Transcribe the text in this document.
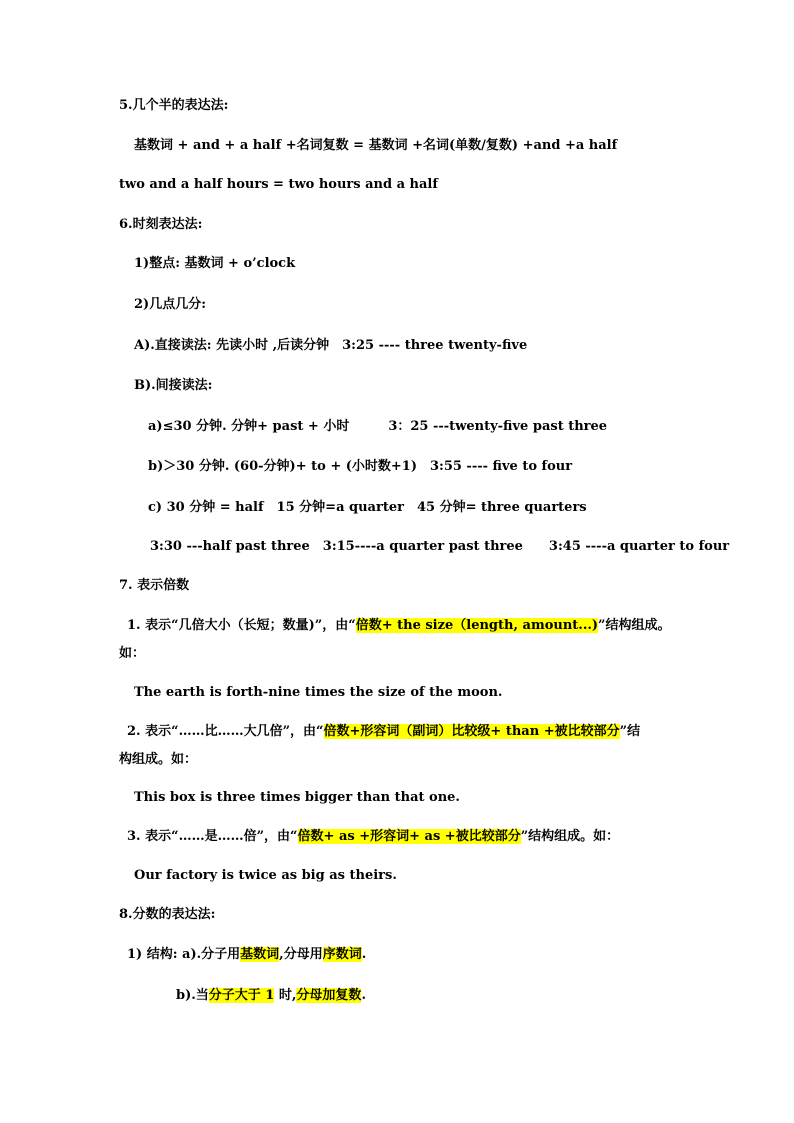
5.几个半的表达法:
基数词 + and + a half +名词复数 = 基数词 +名词(单数/复数) +and +a half
two and a half hours = two hours and a half
6.时刻表达法:
1)整点: 基数词 + o’clock
2)几点几分:
A).直接读法: 先读小时 ,后读分钟　3:25 ---- three twenty-five
B).间接读法:
a)≤30 分钟. 分钟+ past + 小时　　　3：25 ---twenty-five past three
b)＞30 分钟. (60-分钟)+ to + (小时数+1)　3:55 ---- five to four
c) 30 分钟 = half　15 分钟=a quarter　45 分钟= three quarters
3:30 ---half past three　3:15----a quarter past three　　3:45 ----a quarter to four
7. 表示倍数
1. 表示“几倍大小（长短；数量)”，由“倍数+ the size（length, amount...)”结构组成。
如：
The earth is forth-nine times the size of the moon.
2. 表示“……比……大几倍”，由“倍数+形容词（副词）比较级+ than +被比较部分”结
构组成。如：
This box is three times bigger than that one.
3. 表示“……是……倍”，由“倍数+ as +形容词+ as +被比较部分”结构组成。如：
Our factory is twice as big as theirs.
8.分数的表达法:
1) 结构: a).分子用基数词,分母用序数词.
b).当分子大于 1 时,分母加复数.
